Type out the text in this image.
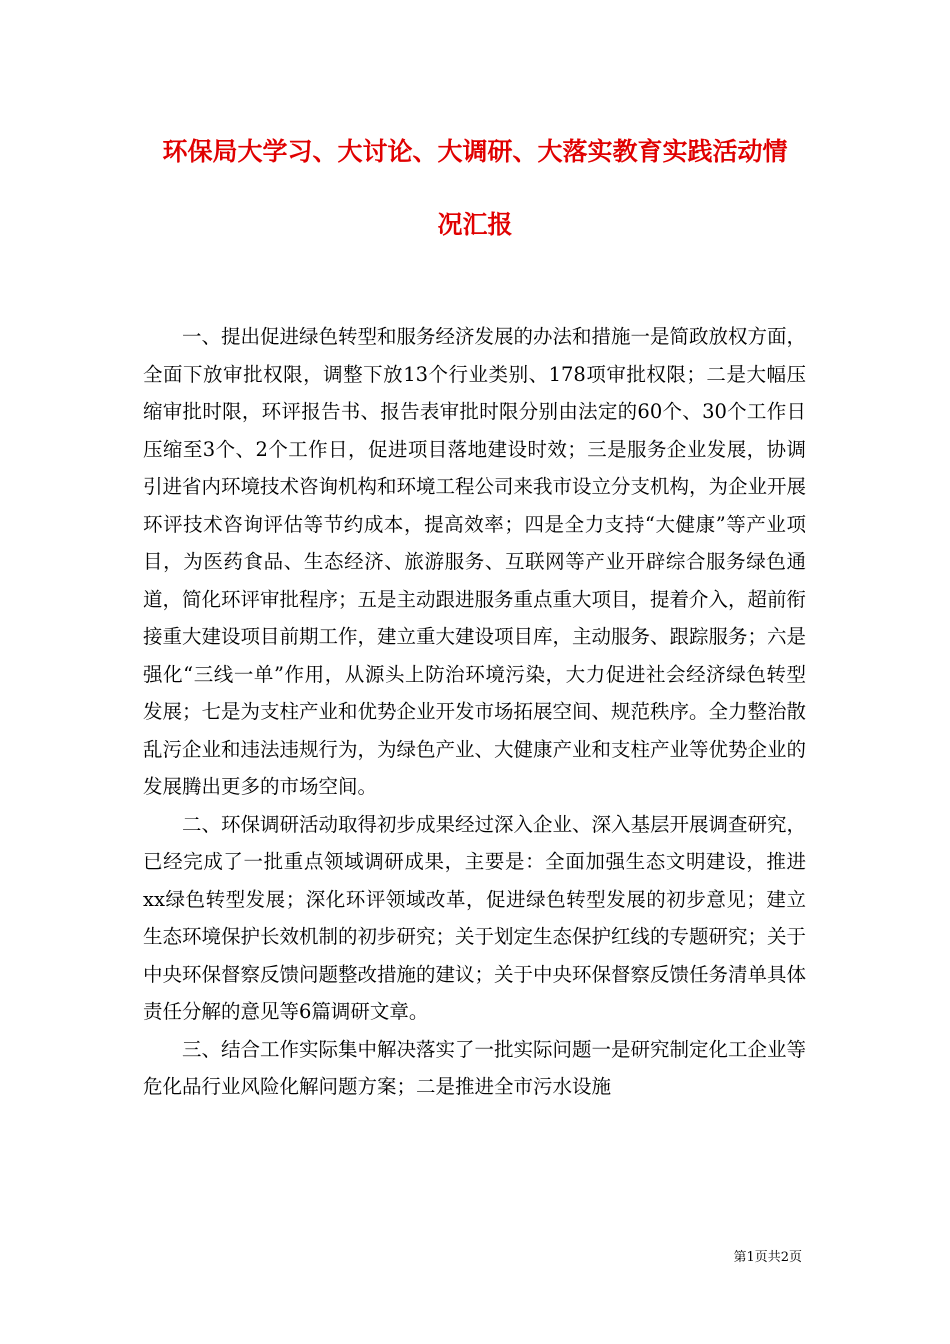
环保局大学习、大讨论、大调研、大落实教育实践活动情
况汇报

一、提出促进绿色转型和服务经济发展的办法和措施一是简政放权方面，全面下放审批权限，调整下放13个行业类别、178项审批权限；二是大幅压缩审批时限，环评报告书、报告表审批时限分别由法定的60个、30个工作日压缩至3个、2个工作日，促进项目落地建设时效；三是服务企业发展，协调引进省内环境技术咨询机构和环境工程公司来我市设立分支机构，为企业开展环评技术咨询评估等节约成本，提高效率；四是全力支持“大健康”等产业项目，为医药食品、生态经济、旅游服务、互联网等产业开辟综合服务绿色通道，简化环评审批程序；五是主动跟进服务重点重大项目，提着介入，超前衔接重大建设项目前期工作，建立重大建设项目库，主动服务、跟踪服务；六是强化“三线一单”作用，从源头上防治环境污染，大力促进社会经济绿色转型发展；七是为支柱产业和优势企业开发市场拓展空间、规范秩序。全力整治散乱污企业和违法违规行为，为绿色产业、大健康产业和支柱产业等优势企业的发展腾出更多的市场空间。

二、环保调研活动取得初步成果经过深入企业、深入基层开展调查研究，已经完成了一批重点领域调研成果，主要是：全面加强生态文明建设，推进xx绿色转型发展；深化环评领域改革，促进绿色转型发展的初步意见；建立生态环境保护长效机制的初步研究；关于划定生态保护红线的专题研究；关于中央环保督察反馈问题整改措施的建议；关于中央环保督察反馈任务清单具体责任分解的意见等6篇调研文章。

三、结合工作实际集中解决落实了一批实际问题一是研究制定化工企业等危化品行业风险化解问题方案；二是推进全市污水设施

第1页共2页
